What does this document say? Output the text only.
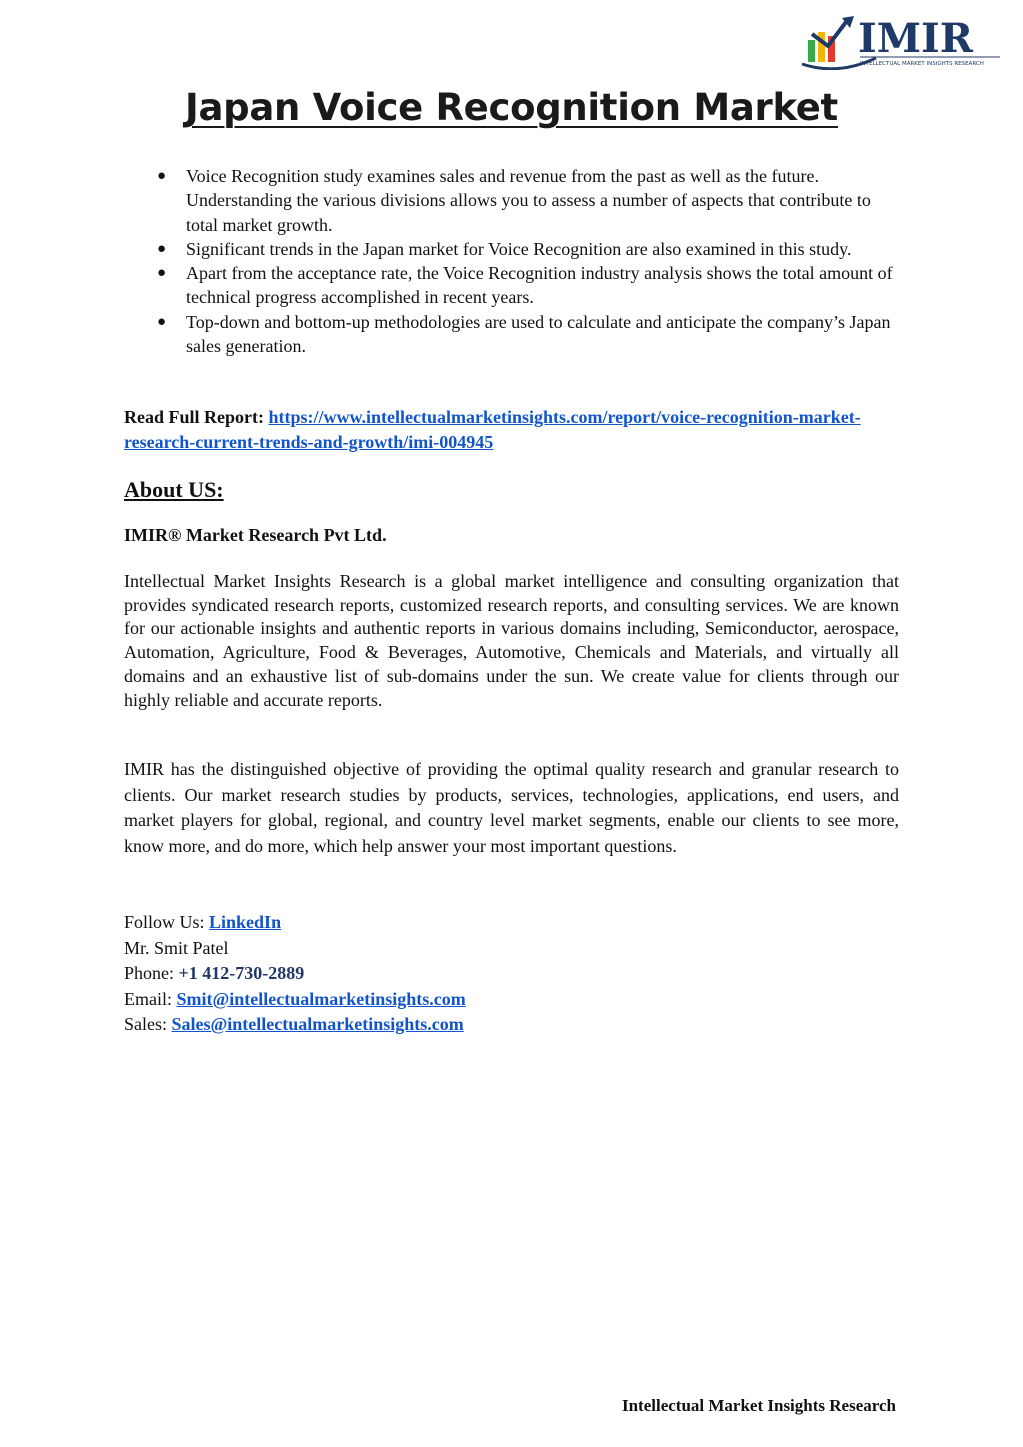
IMIR
INTELLECTUAL MARKET INSIGHTS RESEARCH
Japan Voice Recognition Market
● Voice Recognition study examines sales and revenue from the past as well as the future. Understanding the various divisions allows you to assess a number of aspects that contribute to total market growth.
● Significant trends in the Japan market for Voice Recognition are also examined in this study.
● Apart from the acceptance rate, the Voice Recognition industry analysis shows the total amount of technical progress accomplished in recent years.
● Top-down and bottom-up methodologies are used to calculate and anticipate the company’s Japan sales generation.
Read Full Report: https://www.intellectualmarketinsights.com/report/voice-recognition-market-research-current-trends-and-growth/imi-004945
About US:
IMIR® Market Research Pvt Ltd.

Intellectual Market Insights Research is a global market intelligence and consulting organization that provides syndicated research reports, customized research reports, and consulting services. We are known for our actionable insights and authentic reports in various domains including, Semiconductor, aerospace, Automation, Agriculture, Food & Beverages, Automotive, Chemicals and Materials, and virtually all domains and an exhaustive list of sub-domains under the sun. We create value for clients through our highly reliable and accurate reports.

IMIR has the distinguished objective of providing the optimal quality research and granular research to clients. Our market research studies by products, services, technologies, applications, end users, and market players for global, regional, and country level market segments, enable our clients to see more, know more, and do more, which help answer your most important questions.

Follow Us: LinkedIn
Mr. Smit Patel
Phone: +1 412-730-2889
Email: Smit@intellectualmarketinsights.com
Sales: Sales@intellectualmarketinsights.com
Intellectual Market Insights Research
